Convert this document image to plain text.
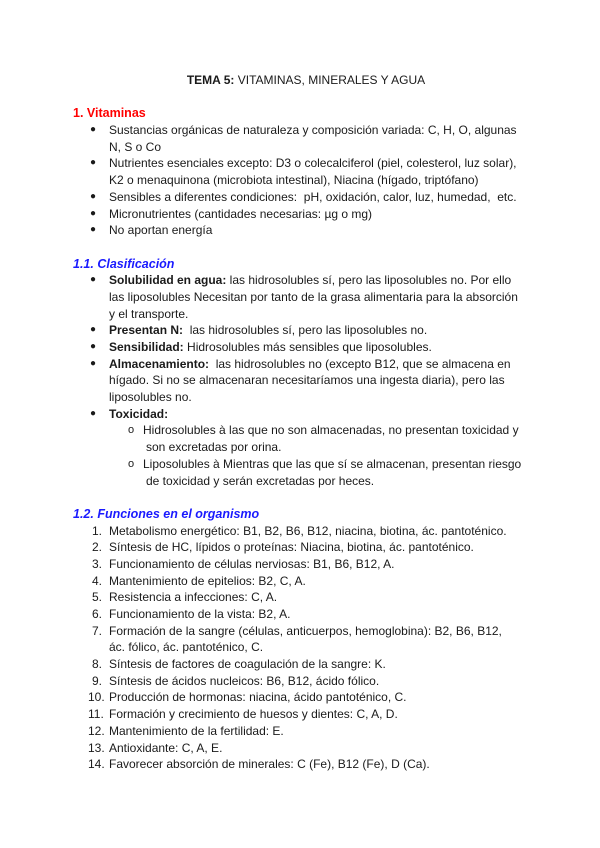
TEMA 5: VITAMINAS, MINERALES Y AGUA
1. Vitaminas
● Sustancias orgánicas de naturaleza y composición variada: C, H, O, algunas
N, S o Co
● Nutrientes esenciales excepto: D3 o colecalciferol (piel, colesterol, luz solar),
K2 o menaquinona (microbiota intestinal), Niacina (hígado, triptófano)
● Sensibles a diferentes condiciones:  pH, oxidación, calor, luz, humedad,  etc.
● Micronutrientes (cantidades necesarias: µg o mg)
● No aportan energía
1.1. Clasificación
● Solubilidad en agua: las hidrosolubles sí, pero las liposolubles no. Por ello
las liposolubles Necesitan por tanto de la grasa alimentaria para la absorción
y el transporte.
● Presentan N:  las hidrosolubles sí, pero las liposolubles no.
● Sensibilidad: Hidrosolubles más sensibles que liposolubles.
● Almacenamiento:  las hidrosolubles no (excepto B12, que se almacena en
hígado. Si no se almacenaran necesitaríamos una ingesta diaria), pero las
liposolubles no.
● Toxicidad:
o Hidrosolubles à las que no son almacenadas, no presentan toxicidad y
son excretadas por orina.
o Liposolubles à Mientras que las que sí se almacenan, presentan riesgo
de toxicidad y serán excretadas por heces.
1.2. Funciones en el organismo
1. Metabolismo energético: B1, B2, B6, B12, niacina, biotina, ác. pantoténico.
2. Síntesis de HC, lípidos o proteínas: Niacina, biotina, ác. pantoténico.
3. Funcionamiento de células nerviosas: B1, B6, B12, A.
4. Mantenimiento de epitelios: B2, C, A.
5. Resistencia a infecciones: C, A.
6. Funcionamiento de la vista: B2, A.
7. Formación de la sangre (células, anticuerpos, hemoglobina): B2, B6, B12,
ác. fólico, ác. pantoténico, C.
8. Síntesis de factores de coagulación de la sangre: K.
9. Síntesis de ácidos nucleicos: B6, B12, ácido fólico.
10. Producción de hormonas: niacina, ácido pantoténico, C.
11. Formación y crecimiento de huesos y dientes: C, A, D.
12. Mantenimiento de la fertilidad: E.
13. Antioxidante: C, A, E.
14. Favorecer absorción de minerales: C (Fe), B12 (Fe), D (Ca).
